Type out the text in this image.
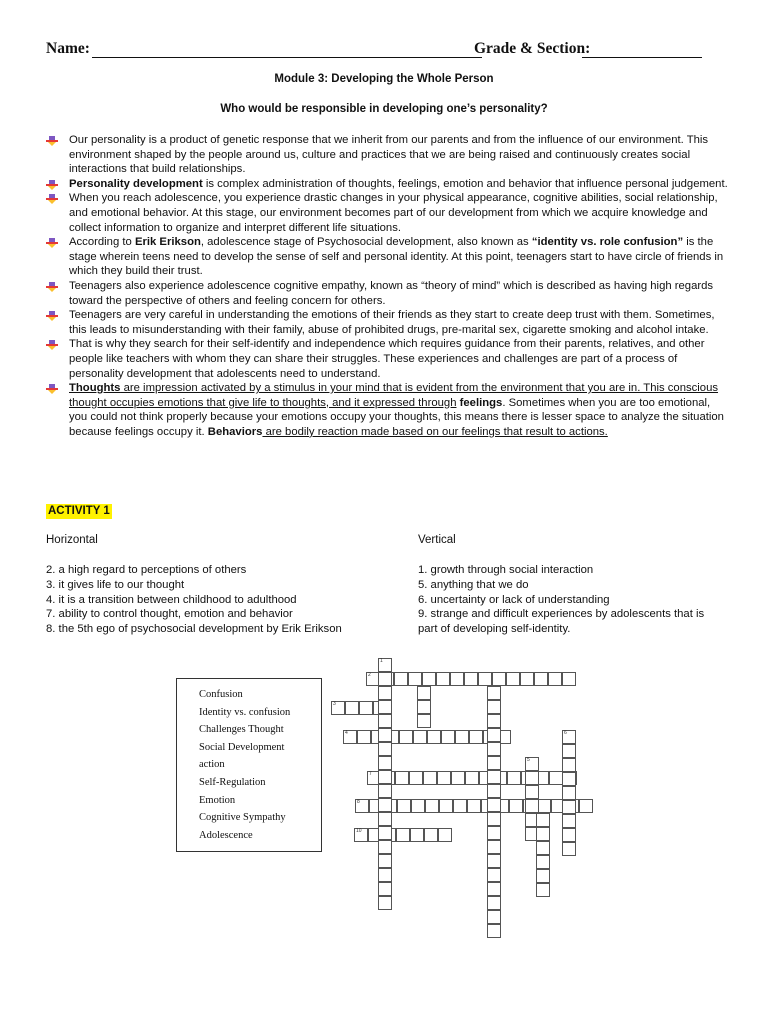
Name:	Grade & Section:
Module 3: Developing the Whole Person
Who would be responsible in developing one’s personality?
Our personality is a product of genetic response that we inherit from our parents and from the influence of our environment. This environment shaped by the people around us, culture and practices that we are being raised and continuously creates social interactions that build relationships.
Personality development is complex administration of thoughts, feelings, emotion and behavior that influence personal judgement.
When you reach adolescence, you experience drastic changes in your physical appearance, cognitive abilities, social relationship, and emotional behavior. At this stage, our environment becomes part of our development from which we acquire knowledge and collect information to organize and interpret different life situations.
According to Erik Erikson, adolescence stage of Psychosocial development, also known as “identity vs. role confusion” is the stage wherein teens need to develop the sense of self and personal identity. At this point, teenagers start to have circle of friends in which they build their trust.
Teenagers also experience adolescence cognitive empathy, known as “theory of mind” which is described as having high regards toward the perspective of others and feeling concern for others.
Teenagers are very careful in understanding the emotions of their friends as they start to create deep trust with them. Sometimes, this leads to misunderstanding with their family, abuse of prohibited drugs, pre-marital sex, cigarette smoking and alcohol intake.
That is why they search for their self-identify and independence which requires guidance from their parents, relatives, and other people like teachers with whom they can share their struggles. These experiences and challenges are part of a process of personality development that adolescents need to understand.
Thoughts are impression activated by a stimulus in your mind that is evident from the environment that you are in. This conscious thought occupies emotions that give life to thoughts, and it expressed through feelings. Sometimes when you are too emotional, you could not think properly because your emotions occupy your thoughts, this means there is lesser space to analyze the situation because feelings occupy it. Behaviors are bodily reaction made based on our feelings that result to actions.
ACTIVITY 1
Horizontal	Vertical
2. a high regard to perceptions of others
3. it gives life to our thought
4. it is a transition between childhood to adulthood
7. ability to control thought, emotion and behavior
8. the 5th ego of psychosocial development by Erik Erikson
1. growth through social interaction
5. anything that we do
6. uncertainty or lack of understanding
9. strange and difficult experiences by adolescents that is part of developing self-identity.
Confusion
Identity vs. confusion
Challenges Thought
Social Development
action
Self-Regulation
Emotion
Cognitive Sympathy
Adolescence
2
3
4
7
8
10
1
5
6
